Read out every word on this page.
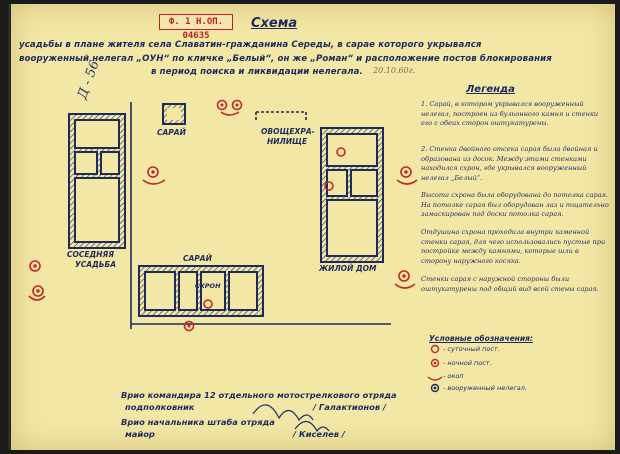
Ф. 1 Н.ОП. 04635
Схема
усадьбы в плане жителя села Славатин-гражданина Середы, в сарае которого укрывался
вооруженный нелегал „ОУН“ по кличке „Белый“, он же „Роман“ и расположение постов блокирования
в период поиска и ликвидации нелегала. 20.10.60г.
Д - 56
СОСЕДНЯЯ
УСАДЬБА
САРАЙ	ОВОЩЕХРА-
НИЛИЩЕ
ЖИЛОЙ ДОМ
САРАЙ
СХРОН
Легенда
1. Сарай, в котором укрывался вооруженный нелегал, построен из бульонного камня и стенки его с обеих сторон оштукатурены.
2. Стенка двойного отсека сарая была двойная и образована из досок. Между этими стенками находился схрон, где укрывался вооруженный нелегал „Белый“.
Высота схрона была оборудована до потолка сарая. На потолке сарая был оборудован лаз и тщательно замаскирован под доски потолка сарая.
Отдушина схрона проходила внутри каменной стенки сарая, для чего использовались пустые при постройке между камнями, которые шли в сторону наружного косяка.
Стенки сарая с наружной стороны были оштукатурены под общий вид всей стены сарая.
Условные обозначения:
- суточный пост.
- ночной пост.
- окоп
- вооруженный нелегал.
Врио командира 12 отдельного мотострелкового отряда
подполковник	/ Галактионов /
Врио начальника штаба отряда
майор	/ Киселев /
